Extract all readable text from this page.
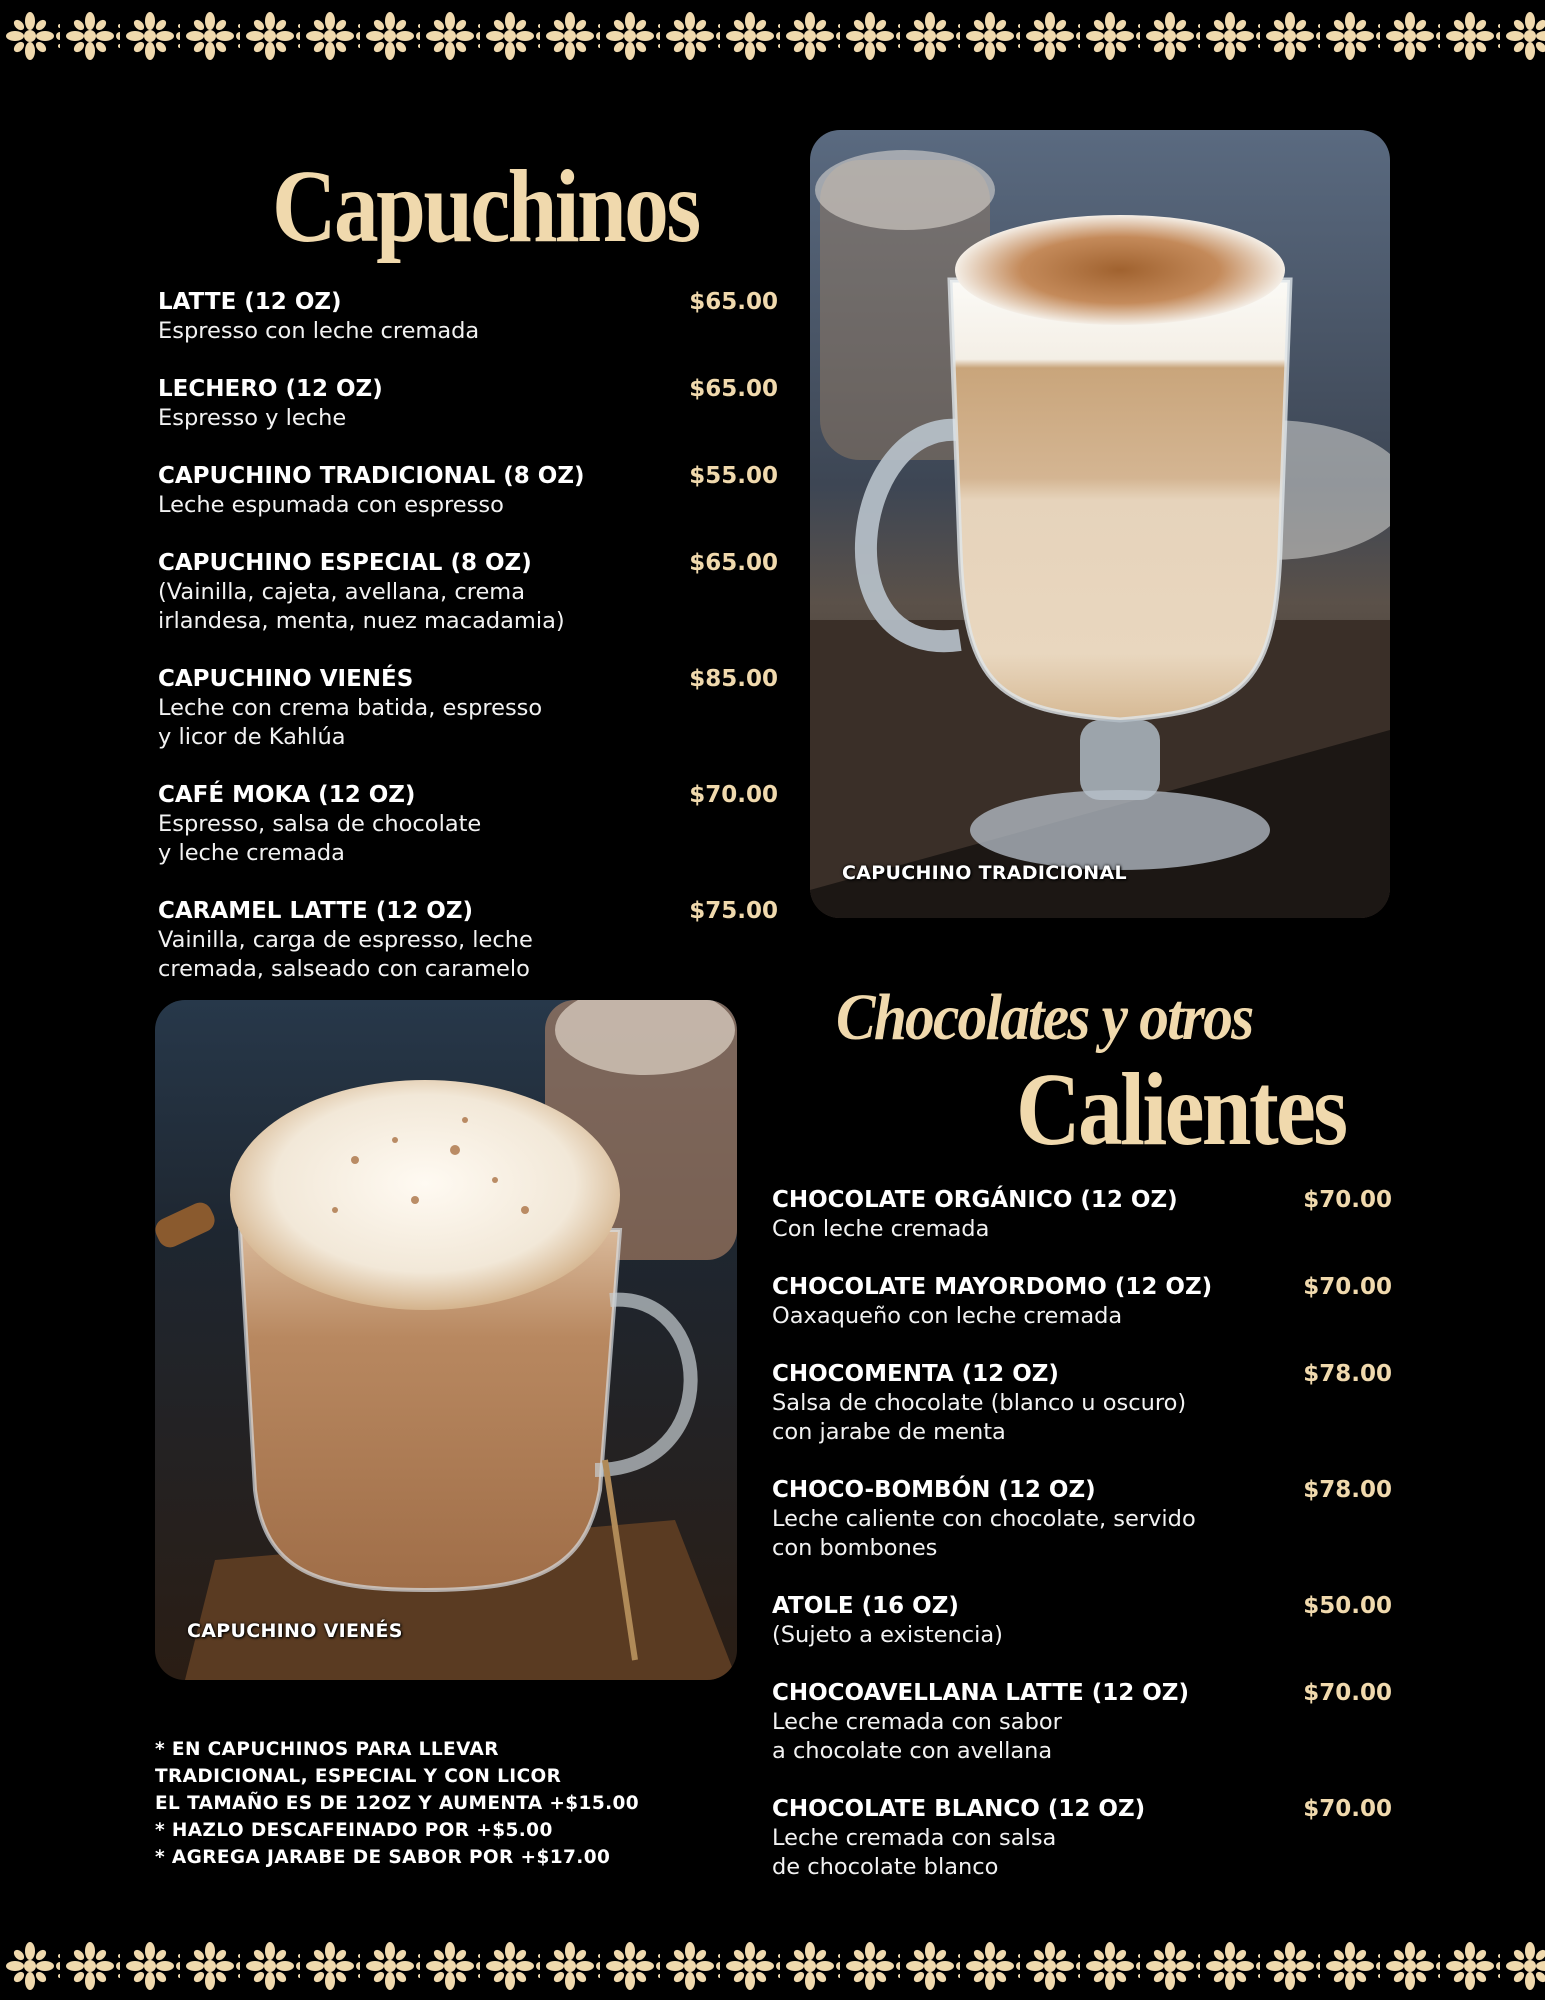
Capuchinos
Chocolates y otros
Calientes
LATTE (12 OZ)
Espresso con leche cremada
$65.00
LECHERO (12 OZ)
Espresso y leche
$65.00
CAPUCHINO TRADICIONAL (8 OZ)
Leche espumada con espresso
$55.00
CAPUCHINO ESPECIAL (8 OZ)
(Vainilla, cajeta, avellana, crema
irlandesa, menta, nuez macadamia)
$65.00
CAPUCHINO VIENÉS
Leche con crema batida, espresso
y licor de Kahlúa
$85.00
CAFÉ MOKA (12 OZ)
Espresso, salsa de chocolate
y leche cremada
$70.00
CARAMEL LATTE (12 OZ)
Vainilla, carga de espresso, leche
cremada, salseado con caramelo
$75.00
CAPUCHINO TRADICIONAL
CAPUCHINO VIENÉS
CHOCOLATE ORGÁNICO (12 OZ)
Con leche cremada
$70.00
CHOCOLATE MAYORDOMO (12 OZ)
Oaxaqueño con leche cremada
$70.00
CHOCOMENTA (12 OZ)
Salsa de chocolate (blanco u oscuro)
con jarabe de menta
$78.00
CHOCO-BOMBÓN (12 OZ)
Leche caliente con chocolate, servido
con bombones
$78.00
ATOLE (16 OZ)
(Sujeto a existencia)
$50.00
CHOCOAVELLANA LATTE (12 OZ)
Leche cremada con sabor
a chocolate con avellana
$70.00
CHOCOLATE BLANCO (12 OZ)
Leche cremada con salsa
de chocolate blanco
$70.00
* EN CAPUCHINOS PARA LLEVAR
TRADICIONAL, ESPECIAL Y CON LICOR
EL TAMAÑO ES DE 12OZ Y AUMENTA +$15.00
* HAZLO DESCAFEINADO POR +$5.00
* AGREGA JARABE DE SABOR POR +$17.00
